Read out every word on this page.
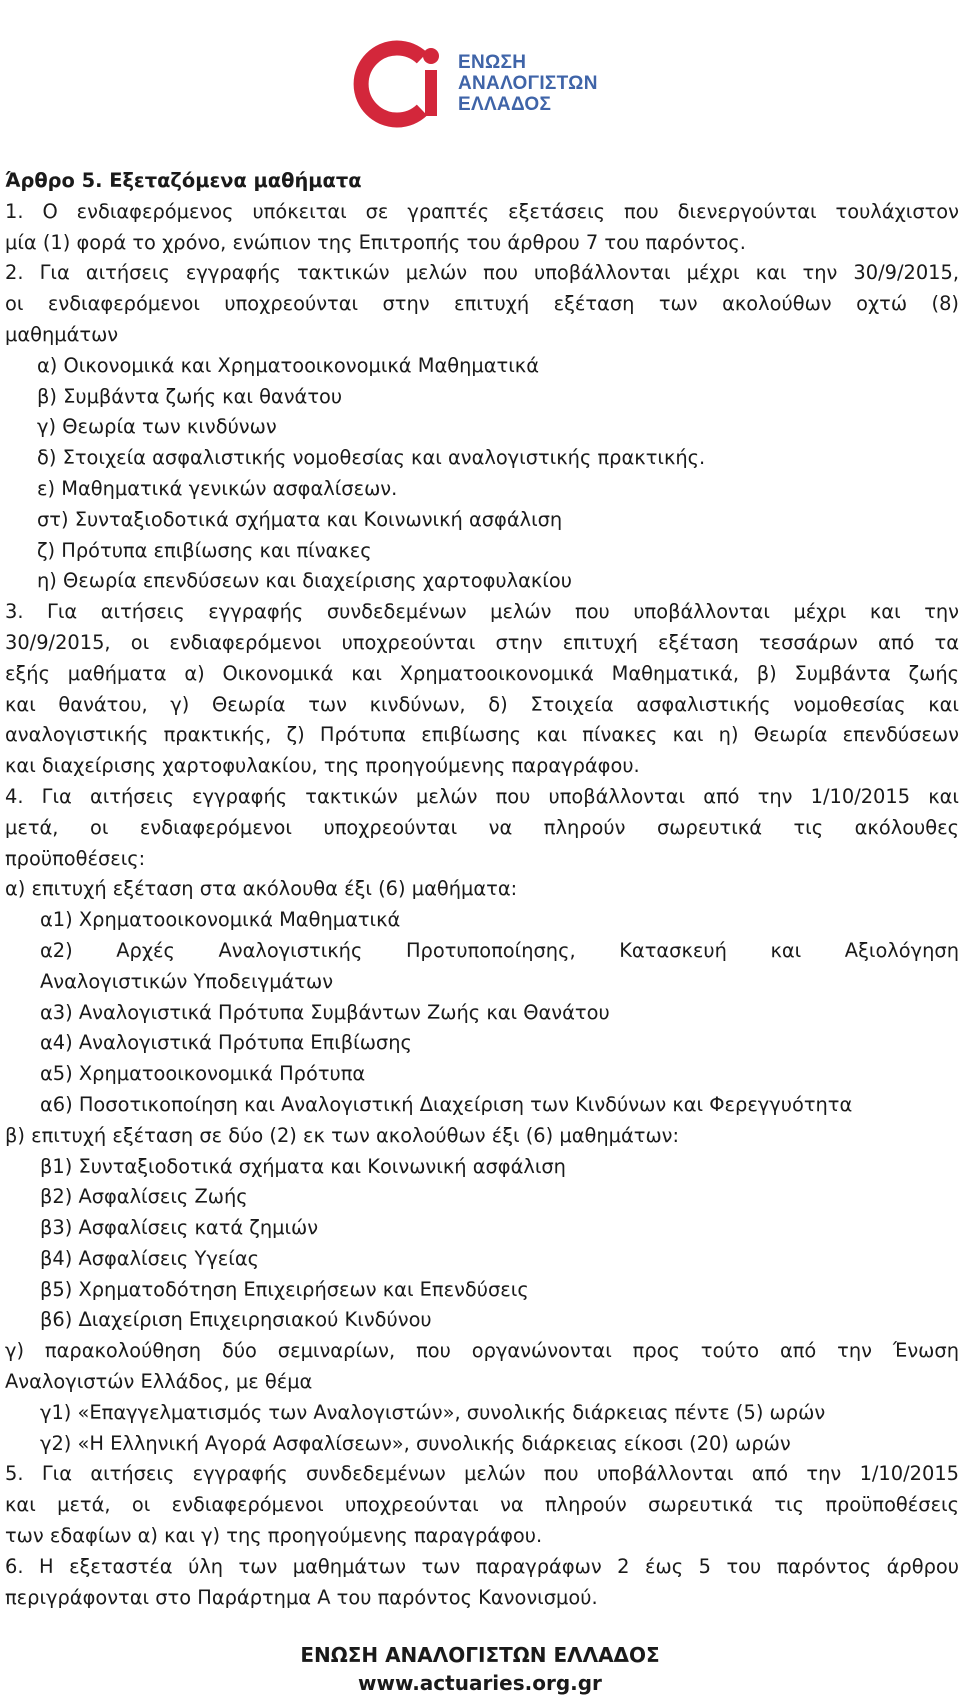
ΕΝΩΣΗ
ΑΝΑΛΟΓΙΣΤΩΝ
ΕΛΛΑΔΟΣ
Άρθρο 5. Εξεταζόμενα μαθήματα
1. Ο ενδιαφερόμενος υπόκειται σε γραπτές εξετάσεις που διενεργούνται τουλάχιστον
μία (1) φορά το χρόνο, ενώπιον της Επιτροπής του άρθρου 7 του παρόντος.
2. Για αιτήσεις εγγραφής τακτικών μελών που υποβάλλονται μέχρι και την 30/9/2015,
οι ενδιαφερόμενοι υποχρεούνται στην επιτυχή εξέταση των ακολούθων οχτώ (8)
μαθημάτων
α) Οικονομικά και Χρηματοοικονομικά Μαθηματικά
β) Συμβάντα ζωής και θανάτου
γ) Θεωρία των κινδύνων
δ) Στοιχεία ασφαλιστικής νομοθεσίας και αναλογιστικής πρακτικής.
ε) Μαθηματικά γενικών ασφαλίσεων.
στ) Συνταξιοδοτικά σχήματα και Κοινωνική ασφάλιση
ζ) Πρότυπα επιβίωσης και πίνακες
η) Θεωρία επενδύσεων και διαχείρισης χαρτοφυλακίου
3. Για αιτήσεις εγγραφής συνδεδεμένων μελών που υποβάλλονται μέχρι και την
30/9/2015, οι ενδιαφερόμενοι υποχρεούνται στην επιτυχή εξέταση τεσσάρων από τα
εξής μαθήματα α) Οικονομικά και Χρηματοοικονομικά Μαθηματικά, β) Συμβάντα ζωής
και θανάτου, γ) Θεωρία των κινδύνων, δ) Στοιχεία ασφαλιστικής νομοθεσίας και
αναλογιστικής πρακτικής, ζ) Πρότυπα επιβίωσης και πίνακες και η) Θεωρία επενδύσεων
και διαχείρισης χαρτοφυλακίου, της προηγούμενης παραγράφου.
4. Για αιτήσεις εγγραφής τακτικών μελών που υποβάλλονται από την 1/10/2015 και
μετά, οι ενδιαφερόμενοι υποχρεούνται να πληρούν σωρευτικά τις ακόλουθες
προϋποθέσεις:
α) επιτυχή εξέταση στα ακόλουθα έξι (6) μαθήματα:
α1) Χρηματοοικονομικά Μαθηματικά
α2) Αρχές Αναλογιστικής Προτυποποίησης, Κατασκευή και Αξιολόγηση
Αναλογιστικών Υποδειγμάτων
α3) Αναλογιστικά Πρότυπα Συμβάντων Ζωής και Θανάτου
α4) Αναλογιστικά Πρότυπα Επιβίωσης
α5) Χρηματοοικονομικά Πρότυπα
α6) Ποσοτικοποίηση και Αναλογιστική Διαχείριση των Κινδύνων και Φερεγγυότητα
β) επιτυχή εξέταση σε δύο (2) εκ των ακολούθων έξι (6) μαθημάτων:
β1) Συνταξιοδοτικά σχήματα και Κοινωνική ασφάλιση
β2) Ασφαλίσεις Ζωής
β3) Ασφαλίσεις κατά ζημιών
β4) Ασφαλίσεις Υγείας
β5) Χρηματοδότηση Επιχειρήσεων και Επενδύσεις
β6) Διαχείριση Επιχειρησιακού Κινδύνου
γ) παρακολούθηση δύο σεμιναρίων, που οργανώνονται προς τούτο από την Ένωση
Αναλογιστών Ελλάδος, με θέμα
γ1) «Επαγγελματισμός των Αναλογιστών», συνολικής διάρκειας πέντε (5) ωρών
γ2) «Η Ελληνική Αγορά Ασφαλίσεων», συνολικής διάρκειας είκοσι (20) ωρών
5. Για αιτήσεις εγγραφής συνδεδεμένων μελών που υποβάλλονται από την 1/10/2015
και μετά, οι ενδιαφερόμενοι υποχρεούνται να πληρούν σωρευτικά τις προϋποθέσεις
των εδαφίων α) και γ) της προηγούμενης παραγράφου.
6. Η εξεταστέα ύλη των μαθημάτων των παραγράφων 2 έως 5 του παρόντος άρθρου
περιγράφονται στο Παράρτημα Α του παρόντος Κανονισμού.
ΕΝΩΣΗ ΑΝΑΛΟΓΙΣΤΩΝ ΕΛΛΑΔΟΣ
www.actuaries.org.gr
